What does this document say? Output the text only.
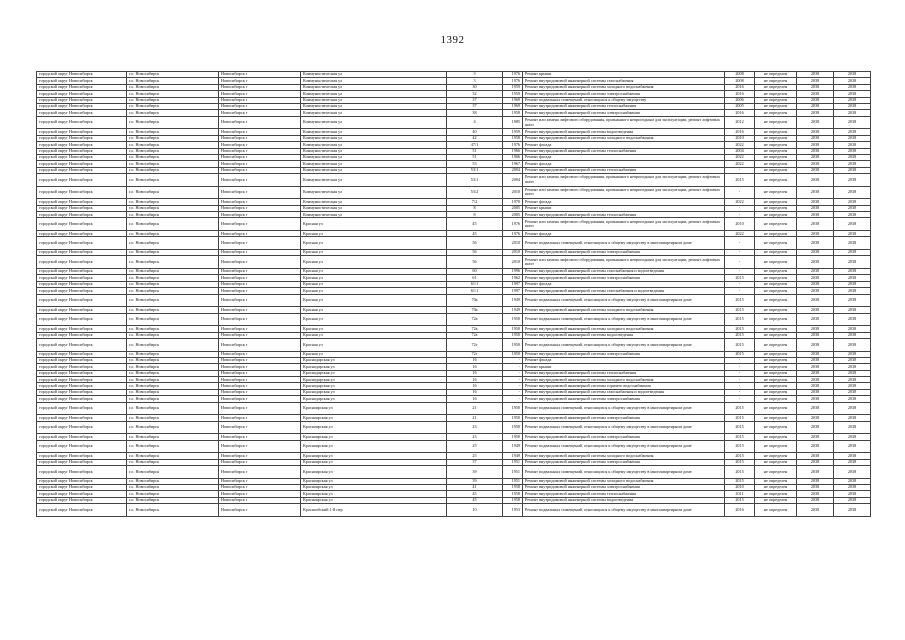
1392
городской округ Новосибирск	г.о. Новосибирск	Новосибирск г	Коммунистическая ул	3	1976	Ремонт крыши	2008	не определен	2038	2038
городской округ Новосибирск	г.о. Новосибирск	Новосибирск г	Коммунистическая ул	3	1976	Ремонт внутридомовой инженерной системы газоснабжения	2008	не определен	2038	2038
городской округ Новосибирск	г.о. Новосибирск	Новосибирск г	Коммунистическая ул	30	1959	Ремонт внутридомовой инженерной системы холодного водоснабжения	2016	не определен	2038	2038
городской округ Новосибирск	г.о. Новосибирск	Новосибирск г	Коммунистическая ул	32	1959	Ремонт внутридомовой инженерной системы электроснабжения	2016	не определен	2038	2038
городской округ Новосибирск	г.о. Новосибирск	Новосибирск г	Коммунистическая ул	37	1969	Ремонт подвальных помещений, относящихся к общему имуществу	2006	не определен	2038	2038
городской округ Новосибирск	г.о. Новосибирск	Новосибирск г	Коммунистическая ул	37	1969	Ремонт внутридомовой инженерной системы теплоснабжения	2005	не определен	2038	2038
городской округ Новосибирск	г.о. Новосибирск	Новосибирск г	Коммунистическая ул	38	1958	Ремонт внутридомовой инженерной системы электроснабжения	2016	не определен	2038	2038
городской округ Новосибирск	г.о. Новосибирск	Новосибирск г	Коммунистическая ул	4	1985	Ремонт или замена лифтового оборудования, признанного непригодным для эксплуатации, ремонт лифтовых шахт	2012	не определен	2038	2038
городской округ Новосибирск	г.о. Новосибирск	Новосибирск г	Коммунистическая ул	40	1959	Ремонт внутридомовой инженерной системы водоотведения	2016	не определен	2038	2038
городской округ Новосибирск	г.о. Новосибирск	Новосибирск г	Коммунистическая ул	42	1958	Ремонт внутридомовой инженерной системы холодного водоснабжения	2010	не определен	2038	2038
городской округ Новосибирск	г.о. Новосибирск	Новосибирск г	Коммунистическая ул	47/1	1976	Ремонт фасада	2022	не определен	2038	2038
городской округ Новосибирск	г.о. Новосибирск	Новосибирск г	Коммунистическая ул	51	1966	Ремонт внутридомовой инженерной системы теплоснабжения	2004	не определен	2038	2038
городской округ Новосибирск	г.о. Новосибирск	Новосибирск г	Коммунистическая ул	51	1966	Ремонт фасада	2022	не определен	2038	2038
городской округ Новосибирск	г.о. Новосибирск	Новосибирск г	Коммунистическая ул	53	1967	Ремонт фасада	2022	не определен	2038	2038
городской округ Новосибирск	г.о. Новосибирск	Новосибирск г	Коммунистическая ул	53/1	2004	Ремонт внутридомовой инженерной системы теплоснабжения	-	не определен	2038	2038
городской округ Новосибирск	г.о. Новосибирск	Новосибирск г	Коммунистическая ул	53/1	2004	Ремонт или замена лифтового оборудования, признанного непригодным для эксплуатации, ремонт лифтовых шахт	2015	не определен	2038	2038
городской округ Новосибирск	г.о. Новосибирск	Новосибирск г	Коммунистическая ул	53/2	2010	Ремонт или замена лифтового оборудования, признанного непригодным для эксплуатации, ремонт лифтовых шахт	-	не определен	2038	2038
городской округ Новосибирск	г.о. Новосибирск	Новосибирск г	Коммунистическая ул	7/2	1970	Ремонт фасада	2022	не определен	2038	2038
городской округ Новосибирск	г.о. Новосибирск	Новосибирск г	Коммунистическая ул	8	2005	Ремонт крыши	-	не определен	2038	2038
городской округ Новосибирск	г.о. Новосибирск	Новосибирск г	Коммунистическая ул	8	2005	Ремонт внутридомовой инженерной системы теплоснабжения	-	не определен	2038	2038
городской округ Новосибирск	г.о. Новосибирск	Новосибирск г	Красная ул	45	1976	Ремонт или замена лифтового оборудования, признанного непригодным для эксплуатации, ремонт лифтовых шахт	2010	не определен	2038	2038
городской округ Новосибирск	г.о. Новосибирск	Новосибирск г	Красная ул	45	1976	Ремонт фасада	2022	не определен	2038	2038
городской округ Новосибирск	г.о. Новосибирск	Новосибирск г	Красная ул	56	2010	Ремонт подвальных помещений, относящихся к общему имуществу в многоквартирном доме	-	не определен	2038	2038
городской округ Новосибирск	г.о. Новосибирск	Новосибирск г	Красная ул	56	2010	Ремонт внутридомовой инженерной системы электроснабжения	-	не определен	2038	2038
городской округ Новосибирск	г.о. Новосибирск	Новосибирск г	Красная ул	56	2010	Ремонт или замена лифтового оборудования, признанного непригодным для эксплуатации, ремонт лифтовых шахт	-	не определен	2038	2038
городской округ Новосибирск	г.о. Новосибирск	Новосибирск г	Красная ул	60	1996	Ремонт внутридомовой инженерной системы газоснабжения и водоотведения	-	не определен	2038	2038
городской округ Новосибирск	г.о. Новосибирск	Новосибирск г	Красная ул	61	1962	Ремонт внутридомовой инженерной системы электроснабжения	2015	не определен	2038	2038
городской округ Новосибирск	г.о. Новосибирск	Новосибирск г	Красная ул	61/1	1997	Ремонт фасада	-	не определен	2038	2038
городской округ Новосибирск	г.о. Новосибирск	Новосибирск г	Красная ул	61/1	1997	Ремонт внутридомовой инженерной системы газоснабжения и водоотведения	-	не определен	2038	2038
городской округ Новосибирск	г.о. Новосибирск	Новосибирск г	Красная ул	70а	1949	Ремонт подвальных помещений, относящихся к общему имуществу в многоквартирном доме	2015	не определен	2038	2038
городской округ Новосибирск	г.о. Новосибирск	Новосибирск г	Красная ул	70а	1949	Ремонт внутридомовой инженерной системы холодного водоснабжения	2015	не определен	2038	2038
городской округ Новосибирск	г.о. Новосибирск	Новосибирск г	Красная ул	72а	1950	Ремонт подвальных помещений, относящихся к общему имуществу в многоквартирном доме	2015	не определен	2038	2038
городской округ Новосибирск	г.о. Новосибирск	Новосибирск г	Красная ул	72а	1950	Ремонт внутридомовой инженерной системы холодного водоснабжения	2015	не определен	2038	2038
городской округ Новосибирск	г.о. Новосибирск	Новосибирск г	Красная ул	72а	1950	Ремонт внутридомовой инженерной системы водоотведения	2015	не определен	2038	2038
городской округ Новосибирск	г.о. Новосибирск	Новосибирск г	Красная ул	72г	1950	Ремонт подвальных помещений, относящихся к общему имуществу в многоквартирном доме	2015	не определен	2038	2038
городской округ Новосибирск	г.о. Новосибирск	Новосибирск г	Красная ул	72г	1950	Ремонт внутридомовой инженерной системы электроснабжения	2015	не определен	2038	2038
городской округ Новосибирск	г.о. Новосибирск	Новосибирск г	Краснодарская ул	16	-	Ремонт фасада	-	не определен	2038	2038
городской округ Новосибирск	г.о. Новосибирск	Новосибирск г	Краснодарская ул	16	-	Ремонт крыши	-	не определен	2038	2038
городской округ Новосибирск	г.о. Новосибирск	Новосибирск г	Краснодарская ул	16	-	Ремонт внутридомовой инженерной системы теплоснабжения	-	не определен	2038	2038
городской округ Новосибирск	г.о. Новосибирск	Новосибирск г	Краснодарская ул	16	-	Ремонт внутридомовой инженерной системы холодного водоснабжения	-	не определен	2038	2038
городской округ Новосибирск	г.о. Новосибирск	Новосибирск г	Краснодарская ул	16	-	Ремонт внутридомовой инженерной системы горячего водоснабжения	-	не определен	2038	2038
городской округ Новосибирск	г.о. Новосибирск	Новосибирск г	Краснодарская ул	16	-	Ремонт внутридомовой инженерной системы газоснабжения и водоотведения	-	не определен	2038	2038
городской округ Новосибирск	г.о. Новосибирск	Новосибирск г	Краснодарская ул	16	-	Ремонт внутридомовой инженерной системы электроснабжения	-	не определен	2038	2038
городской округ Новосибирск	г.о. Новосибирск	Новосибирск г	Красноярская ул	21	1950	Ремонт подвальных помещений, относящихся к общему имуществу в многоквартирном доме	2015	не определен	2038	2038
городской округ Новосибирск	г.о. Новосибирск	Новосибирск г	Красноярская ул	21	1950	Ремонт внутридомовой инженерной системы электроснабжения	2015	не определен	2038	2038
городской округ Новосибирск	г.о. Новосибирск	Новосибирск г	Красноярская ул	23	1950	Ремонт подвальных помещений, относящихся к общему имуществу в многоквартирном доме	2015	не определен	2038	2038
городской округ Новосибирск	г.о. Новосибирск	Новосибирск г	Красноярская ул	23	1950	Ремонт внутридомовой инженерной системы электроснабжения	2015	не определен	2038	2038
городской округ Новосибирск	г.о. Новосибирск	Новосибирск г	Красноярская ул	25	1949	Ремонт подвальных помещений, относящихся к общему имуществу в многоквартирном доме	2015	не определен	2038	2038
городской округ Новосибирск	г.о. Новосибирск	Новосибирск г	Красноярская ул	25	1949	Ремонт внутридомовой инженерной системы холодного водоснабжения	2015	не определен	2038	2038
городской округ Новосибирск	г.о. Новосибирск	Новосибирск г	Красноярская ул	37	1951	Ремонт внутридомовой инженерной системы электроснабжения	2015	не определен	2038	2038
городской округ Новосибирск	г.о. Новосибирск	Новосибирск г	Красноярская ул	39	1951	Ремонт подвальных помещений, относящихся к общему имуществу в многоквартирном доме	2015	не определен	2038	2038
городской округ Новосибирск	г.о. Новосибирск	Новосибирск г	Красноярская ул	39	1951	Ремонт внутридомовой инженерной системы холодного водоснабжения	2015	не определен	2038	2038
городской округ Новосибирск	г.о. Новосибирск	Новосибирск г	Красноярская ул	41	1958	Ремонт внутридомовой инженерной системы электроснабжения	2010	не определен	2038	2038
городской округ Новосибирск	г.о. Новосибирск	Новосибирск г	Красноярская ул	45	1958	Ремонт внутридомовой инженерной системы теплоснабжения	2011	не определен	2038	2038
городской округ Новосибирск	г.о. Новосибирск	Новосибирск г	Красноярская ул	45	1958	Ремонт внутридомовой инженерной системы водоотведения	2015	не определен	2038	2038
городской округ Новосибирск	г.о. Новосибирск	Новосибирск г	Краснообский 1-й пер	10	1953	Ремонт подвальных помещений, относящихся к общему имуществу в многоквартирном доме	2016	не определен	2038	2038
